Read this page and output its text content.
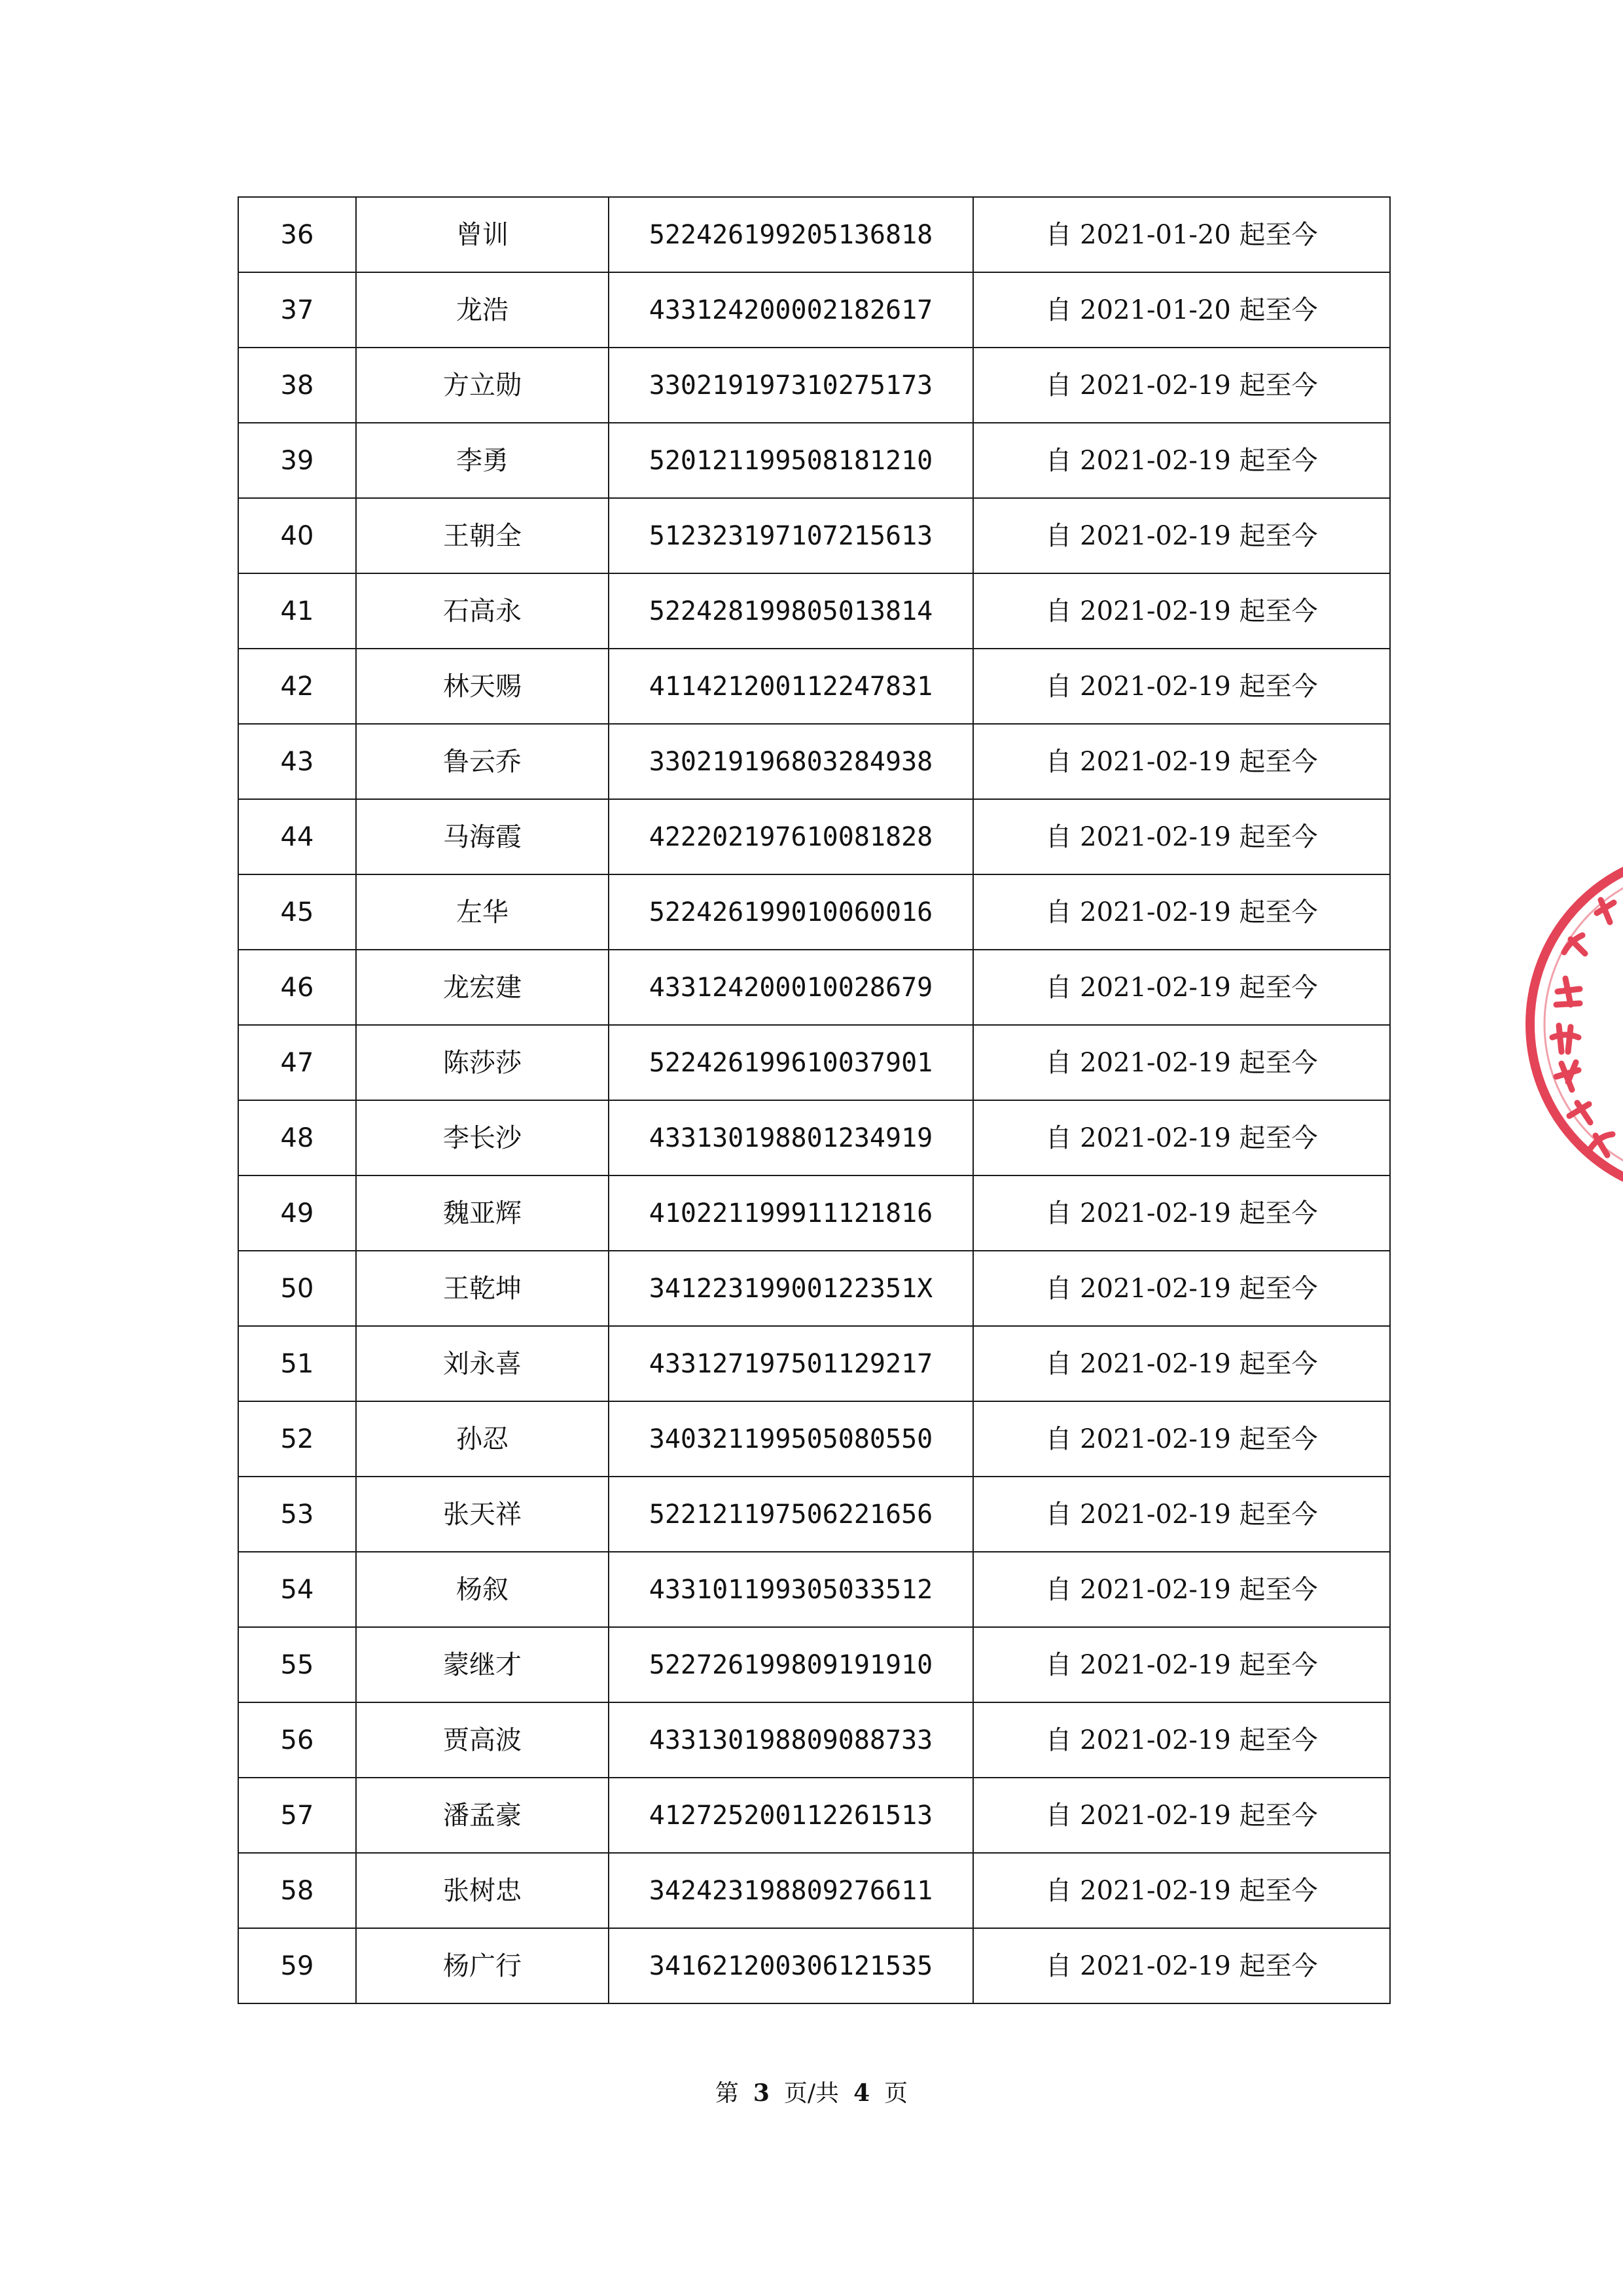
36	曾训	522426199205136818	自 2021-01-20 起至今
37	龙浩	433124200002182617	自 2021-01-20 起至今
38	方立勋	330219197310275173	自 2021-02-19 起至今
39	李勇	520121199508181210	自 2021-02-19 起至今
40	王朝全	512323197107215613	自 2021-02-19 起至今
41	石高永	522428199805013814	自 2021-02-19 起至今
42	林天赐	411421200112247831	自 2021-02-19 起至今
43	鲁云乔	330219196803284938	自 2021-02-19 起至今
44	马海霞	422202197610081828	自 2021-02-19 起至今
45	左华	522426199010060016	自 2021-02-19 起至今
46	龙宏建	433124200010028679	自 2021-02-19 起至今
47	陈莎莎	522426199610037901	自 2021-02-19 起至今
48	李长沙	433130198801234919	自 2021-02-19 起至今
49	魏亚辉	410221199911121816	自 2021-02-19 起至今
50	王乾坤	34122319900122351X	自 2021-02-19 起至今
51	刘永喜	433127197501129217	自 2021-02-19 起至今
52	孙忍	340321199505080550	自 2021-02-19 起至今
53	张天祥	522121197506221656	自 2021-02-19 起至今
54	杨叙	433101199305033512	自 2021-02-19 起至今
55	蒙继才	522726199809191910	自 2021-02-19 起至今
56	贾高波	433130198809088733	自 2021-02-19 起至今
57	潘孟豪	412725200112261513	自 2021-02-19 起至今
58	张树忠	342423198809276611	自 2021-02-19 起至今
59	杨广行	341621200306121535	自 2021-02-19 起至今
第 3 页/共 4 页
